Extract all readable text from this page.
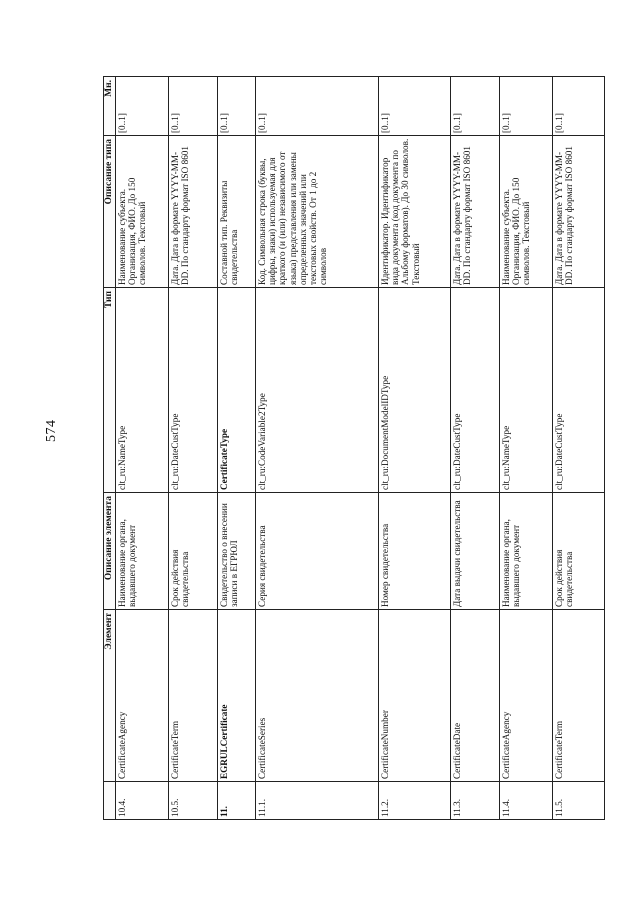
574
	Элемент	Описание элемента	Тип	Описание типа	Мн.
10.4.	CertificateAgency	Наименование органа, выдавшего документ	clt_ru:NameType	Наименование субъекта. Организация, ФИО. До 150 символов. Текстовый	[0..1]
10.5.	CertificateTerm	Срок действия свидетельства	clt_ru:DateCustType	Дата. Дата в формате YYYY-MM-DD. По стандарту формат ISO 8601	[0..1]
11.	EGRULCertificate	Свидетельство о внесении записи в ЕГРЮЛ	CertificateType	Составной тип. Реквизиты свидетельства	[0..1]
11.1.	CertificateSeries	Серия свидетельства	clt_ru:CodeVariable2Type	Код. Символьная строка (буквы, цифры, знаки) используемая для краткого (и (или) независимого от языка) представления или замены определенных значений или текстовых свойств. От 1 до 2 символов	[0..1]
11.2.	CertificateNumber	Номер свидетельства	clt_ru:DocumentModelIDType	Идентификатор. Идентификатор вида документа (код документа по Альбому форматов). До 30 символов. Текстовый	[0..1]
11.3.	CertificateDate	Дата выдачи свидетельства	clt_ru:DateCustType	Дата. Дата в формате YYYY-MM-DD. По стандарту формат ISO 8601	[0..1]
11.4.	CertificateAgency	Наименование органа, выдавшего документ	clt_ru:NameType	Наименование субъекта. Организация, ФИО. До 150 символов. Текстовый	[0..1]
11.5.	CertificateTerm	Срок действия свидетельства	clt_ru:DateCustType	Дата. Дата в формате YYYY-MM-DD. По стандарту формат ISO 8601	[0..1]
